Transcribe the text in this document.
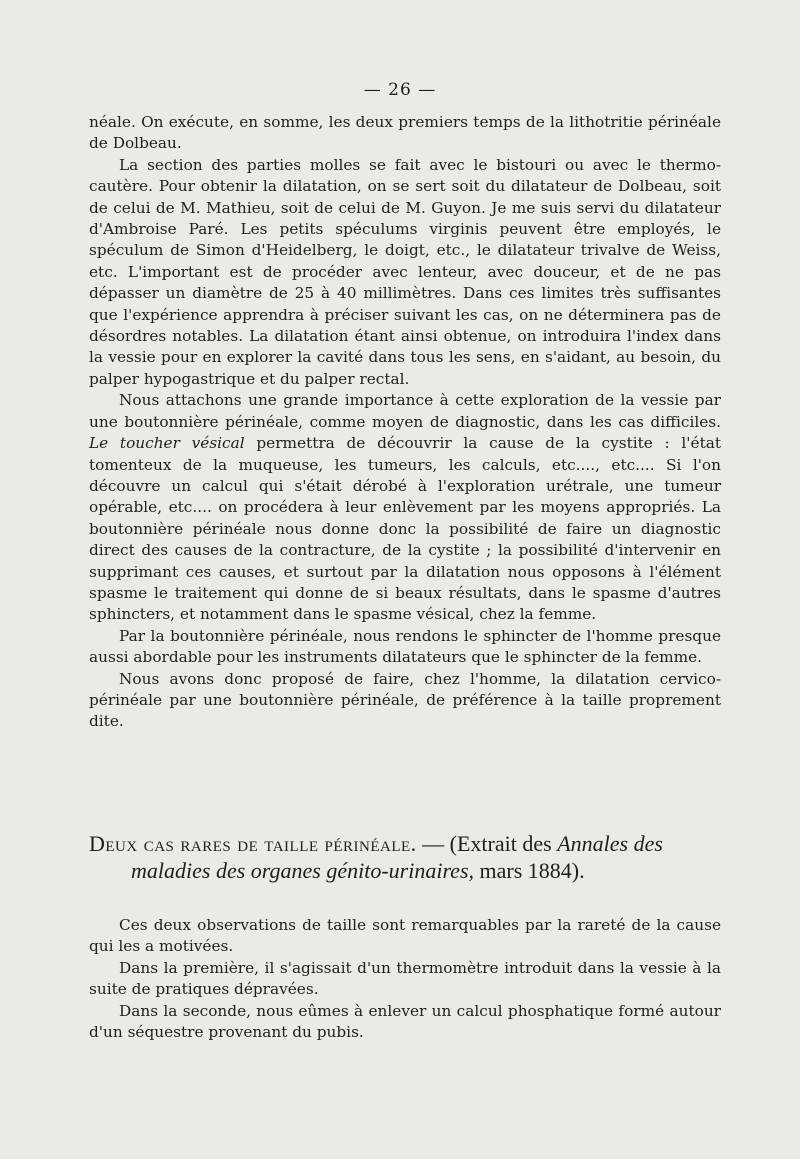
— 26 —

néale. On exécute, en somme, les deux premiers temps de la lithotritie périnéale de Dolbeau.

La section des parties molles se fait avec le bistouri ou avec le thermo-cautère. Pour obtenir la dilatation, on se sert soit du dilatateur de Dolbeau, soit de celui de M. Mathieu, soit de celui de M. Guyon. Je me suis servi du dilatateur d'Ambroise Paré. Les petits spéculums virginis peuvent être employés, le spéculum de Simon d'Heidelberg, le doigt, etc., le dilatateur trivalve de Weiss, etc. L'important est de procéder avec lenteur, avec douceur, et de ne pas dépasser un diamètre de 25 à 40 millimètres. Dans ces limites très suffisantes que l'expérience apprendra à préciser suivant les cas, on ne déterminera pas de désordres notables. La dilatation étant ainsi obtenue, on introduira l'index dans la vessie pour en explorer la cavité dans tous les sens, en s'aidant, au besoin, du palper hypogastrique et du palper rectal.

Nous attachons une grande importance à cette exploration de la vessie par une boutonnière périnéale, comme moyen de diagnostic, dans les cas difficiles. Le toucher vésical permettra de découvrir la cause de la cystite : l'état tomenteux de la muqueuse, les tumeurs, les calculs, etc...., etc.... Si l'on découvre un calcul qui s'était dérobé à l'exploration urétrale, une tumeur opérable, etc.... on procédera à leur enlèvement par les moyens appropriés. La boutonnière périnéale nous donne donc la possibilité de faire un diagnostic direct des causes de la contracture, de la cystite ; la possibilité d'intervenir en supprimant ces causes, et surtout par la dilatation nous opposons à l'élément spasme le traitement qui donne de si beaux résultats, dans le spasme d'autres sphincters, et notamment dans le spasme vésical, chez la femme.

Par la boutonnière périnéale, nous rendons le sphincter de l'homme presque aussi abordable pour les instruments dilatateurs que le sphincter de la femme.

Nous avons donc proposé de faire, chez l'homme, la dilatation cervico-périnéale par une boutonnière périnéale, de préférence à la taille proprement dite.

Deux cas rares de taille périnéale. — (Extrait des Annales des
maladies des organes génito-urinaires, mars 1884).

Ces deux observations de taille sont remarquables par la rareté de la cause qui les a motivées.

Dans la première, il s'agissait d'un thermomètre introduit dans la vessie à la suite de pratiques dépravées.

Dans la seconde, nous eûmes à enlever un calcul phosphatique formé autour d'un séquestre provenant du pubis.
